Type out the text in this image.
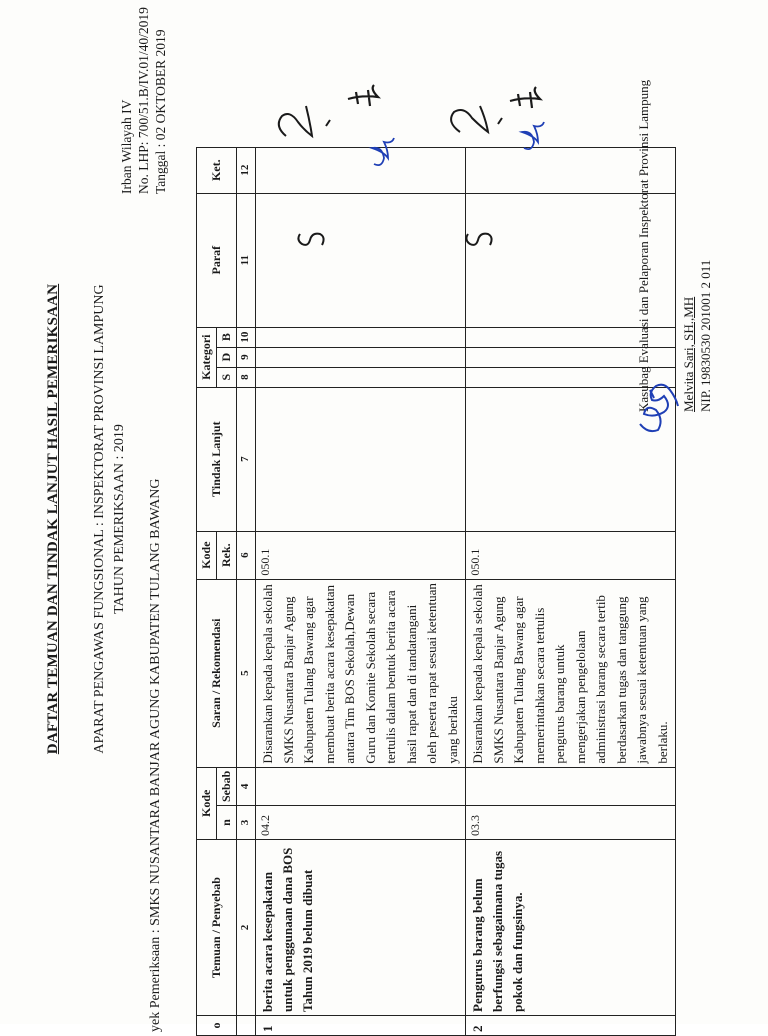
DAFTAR TEMUAN DAN TINDAK LANJUT HASIL PEMERIKSAAN APARAT PENGAWAS FUNGSIONAL : INSPEKTORAT PROVINSI LAMPUNG TAHUN PEMERIKSAAN : 2019 yek Pemeriksaan : SMKS NUSANTARA BANJAR AGUNG KABUPATEN TULANG BAWANG
Irban Wilayah IV No. LHP: 700/51.B/IV.01/40/2019 Tanggal : 02 OKTOBER 2019
o	Temuan / Penyebab	Kode		Saran / Rekomendasi	Kode	Tindak Lanjut	Kategori			Paraf	Ket.
		n	Sebab		Rek.		S	D	B		
	2	3	4	5	6	7	8	9	10	11	12
1	berita acara kesepakatan untuk penggunaan dana BOS Tahun 2019 belum dibuat	04.2		Disarankan kepada kepala sekolah SMKS Nusantara Banjar Agung Kabupaten Tulang Bawang agar membuat berita acara kesepakatan antara Tim BOS Sekolah,Dewan Guru dan Komite Sekolah secara tertulis dalam bentuk berita acara hasil rapat dan di tandatangani oleh peserta rapat sesuai ketentuan yang berlaku	050.1						
2	Pengurus barang belum berfungsi sebagaimana tugas pokok dan fungsinya.	03.3		Disarankan kepada kepala sekolah SMKS Nusantara Banjar Agung Kabupaten Tulang Bawang agar memerintahkan secara tertulis pengurus barang untuk mengerjakan pengelolaan administrasi barang secara tertib berdasarkan tugas dan tanggung jawabnya sesuai ketentuan yang berlaku.	050.1						
Kasubag Evaluasi dan Pelaporan Inspektorat Provinsi Lampung Melvita Sari, SH.,MH NIP. 19830530 201001 2 011
